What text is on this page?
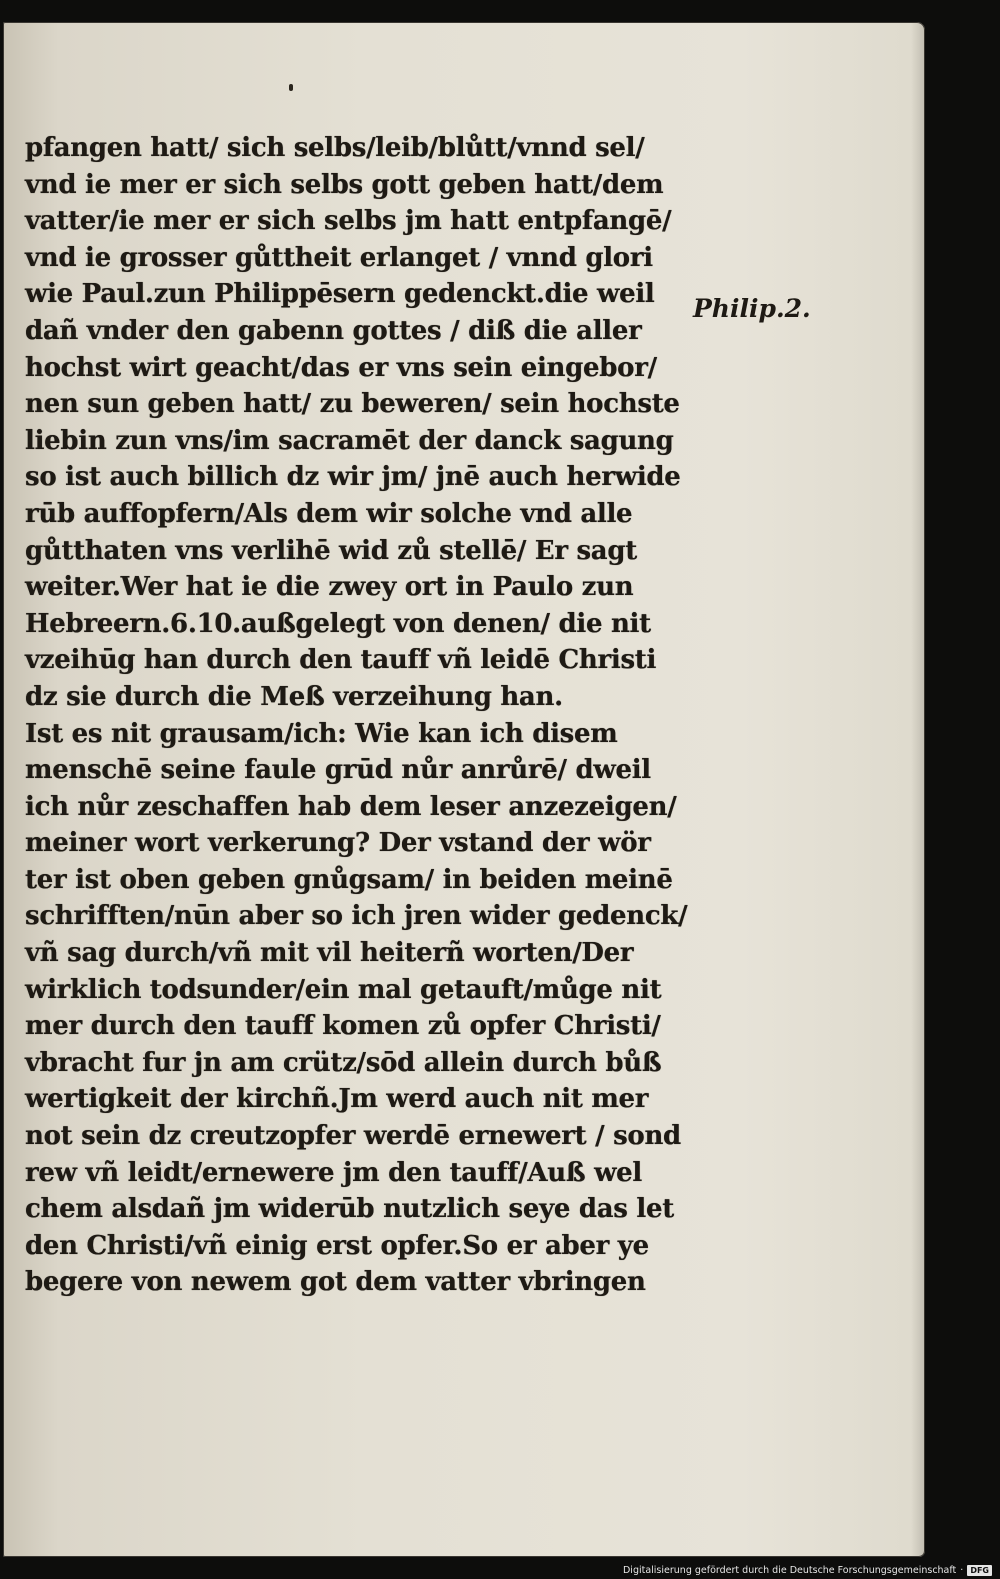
Philip.2.
pfangen hatt/ sich selbs/leib/blůtt/vnnd sel/
vnd ie mer er sich selbs gott geben hatt/dem
vatter/ie mer er sich selbs jm hatt entpfangē/
vnd ie grosser gůttheit erlanget / vnnd glori
wie Paul.zun Philippēsern gedenckt.die weil
dañ vnder den gabenn gottes / diß die aller
hochst wirt geacht/das er vns sein eingebor/
nen sun geben hatt/ zu beweren/ sein hochste
liebin zun vns/im sacramēt der danck sagung
so ist auch billich dz wir jm/ jnē auch herwide
rūb auffopfern/Als dem wir solche vnd alle
gůtthaten vns verlihē wid zů stellē/ Er sagt
weiter.Wer hat ie die zwey ort in Paulo zun
Hebreern.6.10.außgelegt von denen/ die nit
vzeihūg han durch den tauff vñ leidē Christi
dz sie durch die Meß verzeihung han.
Ist es nit grausam/ich: Wie kan ich disem
menschē seine faule grūd nůr anrůrē/ dweil
ich nůr zeschaffen hab dem leser anzezeigen/
meiner wort verkerung? Der vstand der wör
ter ist oben geben gnůgsam/ in beiden meinē
schrifften/nūn aber so ich jren wider gedenck/
vñ sag durch/vñ mit vil heiterñ worten/Der
wirklich todsunder/ein mal getauft/můge nit
mer durch den tauff komen zů opfer Christi/
vbracht fur jn am crütz/sōd allein durch bůß
wertigkeit der kirchñ.Jm werd auch nit mer
not sein dz creutzopfer werdē ernewert / sond
rew vñ leidt/ernewere jm den tauff/Auß wel
chem alsdañ jm widerūb nutzlich seye das let
den Christi/vñ einig erst opfer.So er aber ye
begere von newem got dem vatter vbringen
Digitalisierung gefördert durch die Deutsche Forschungsgemeinschaft · DFG
